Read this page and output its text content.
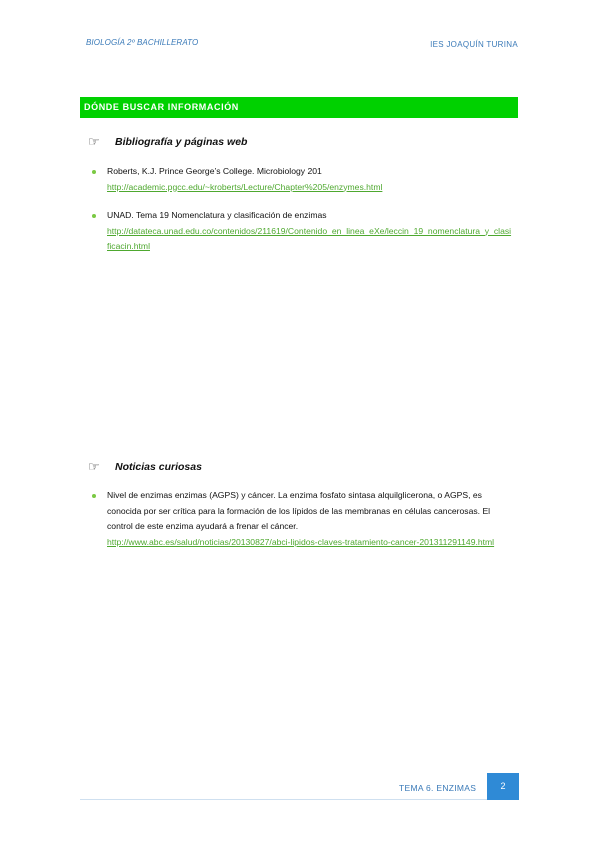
BIOLOGÍA 2º BACHILLERATO	IES JOAQUÍN TURINA
DÓNDE BUSCAR INFORMACIÓN
☞	Bibliografía y páginas web
Roberts, K.J. Prince George’s College. Microbiology 201
http://academic.pgcc.edu/~kroberts/Lecture/Chapter%205/enzymes.html
UNAD. Tema 19 Nomenclatura y clasificación de enzimas
http://datateca.unad.edu.co/contenidos/211619/Contenido_en_linea_eXe/leccin_19_nomenclatura_y_clasificacin.html
☞	Noticias curiosas
Nivel de enzimas enzimas (AGPS) y cáncer. La enzima fosfato sintasa alquilglicerona, o AGPS, es conocida por ser crítica para la formación de los lípidos de las membranas en células cancerosas. El control de este enzima ayudará a frenar el cáncer.
http://www.abc.es/salud/noticias/20130827/abci-lipidos-claves-tratamiento-cancer-201311291149.html
TEMA 6. ENZIMAS	2
